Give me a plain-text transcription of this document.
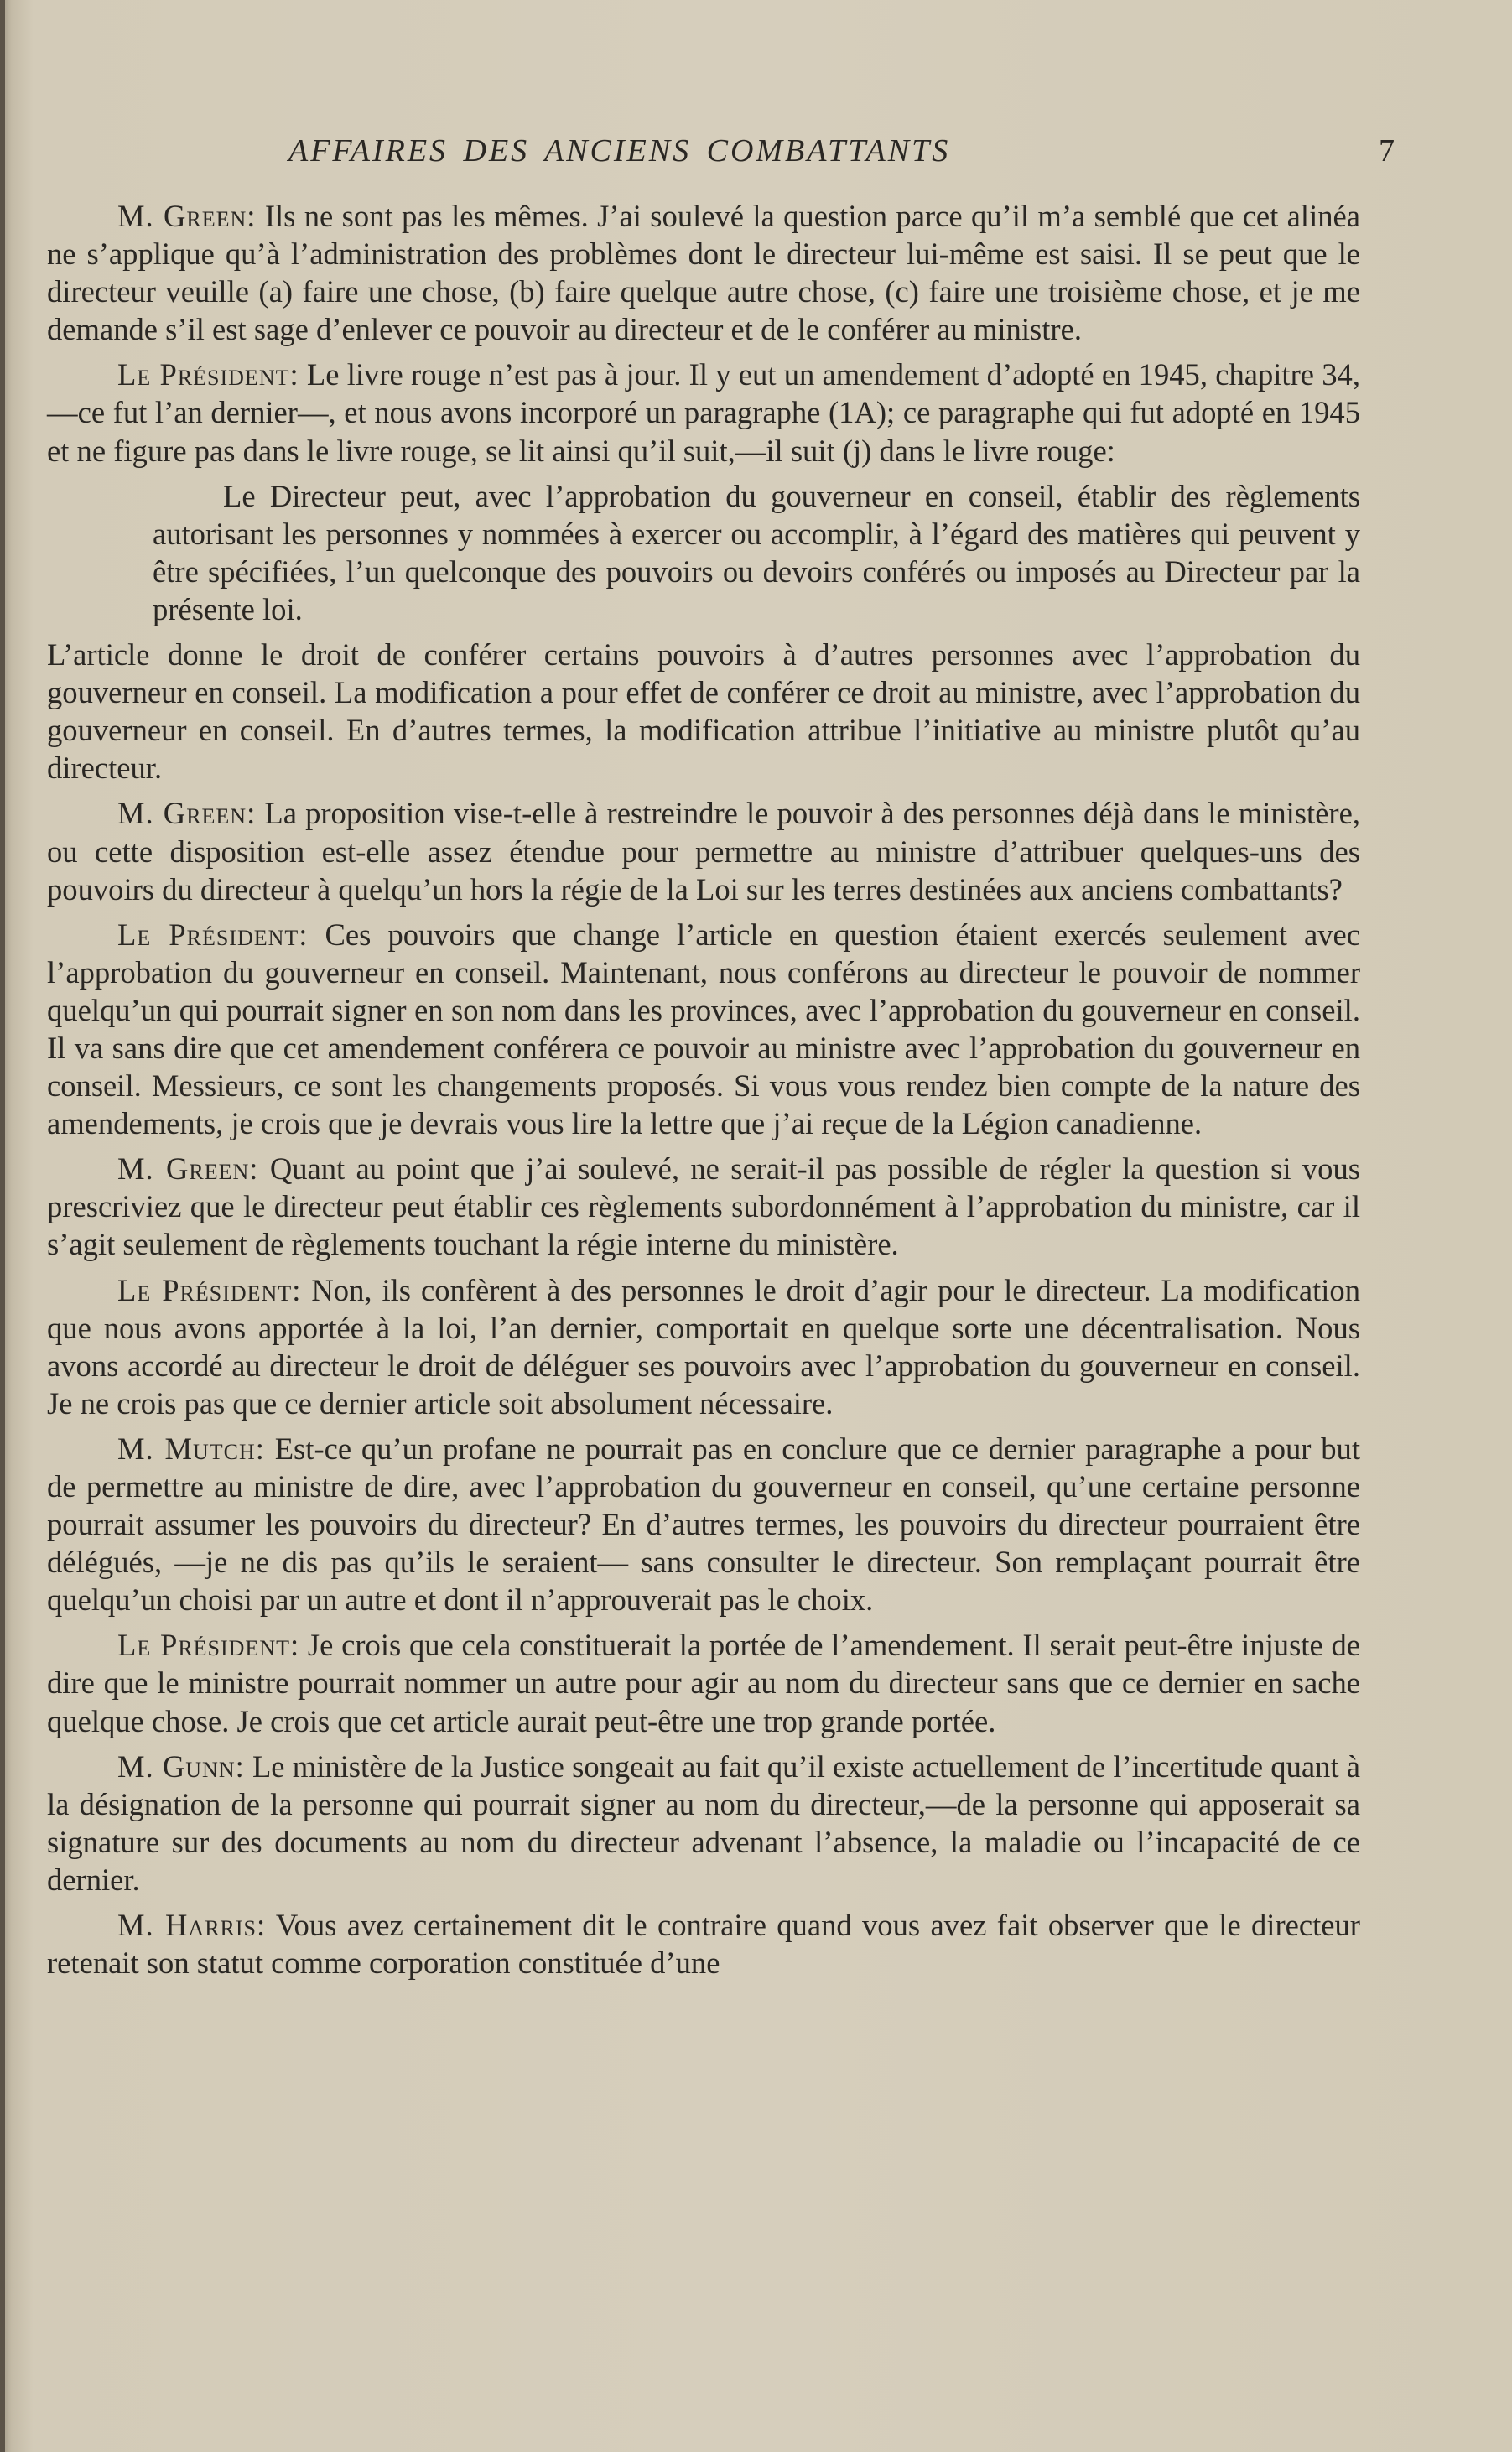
AFFAIRES DES ANCIENS COMBATTANTS	7

M. Green: Ils ne sont pas les mêmes. J’ai soulevé la question parce qu’il m’a semblé que cet alinéa ne s’applique qu’à l’administration des problèmes dont le directeur lui-même est saisi. Il se peut que le directeur veuille (a) faire une chose, (b) faire quelque autre chose, (c) faire une troisième chose, et je me demande s’il est sage d’enlever ce pouvoir au directeur et de le conférer au ministre.

Le Président: Le livre rouge n’est pas à jour. Il y eut un amendement d’adopté en 1945, chapitre 34,—ce fut l’an dernier—, et nous avons incorporé un paragraphe (1A); ce paragraphe qui fut adopté en 1945 et ne figure pas dans le livre rouge, se lit ainsi qu’il suit,—il suit (j) dans le livre rouge:

Le Directeur peut, avec l’approbation du gouverneur en conseil, établir des règlements autorisant les personnes y nommées à exercer ou accomplir, à l’égard des matières qui peuvent y être spécifiées, l’un quelconque des pouvoirs ou devoirs conférés ou imposés au Directeur par la présente loi.

L’article donne le droit de conférer certains pouvoirs à d’autres personnes avec l’approbation du gouverneur en conseil. La modification a pour effet de conférer ce droit au ministre, avec l’approbation du gouverneur en conseil. En d’autres termes, la modification attribue l’initiative au ministre plutôt qu’au directeur.

M. Green: La proposition vise-t-elle à restreindre le pouvoir à des personnes déjà dans le ministère, ou cette disposition est-elle assez étendue pour permettre au ministre d’attribuer quelques-uns des pouvoirs du directeur à quelqu’un hors la régie de la Loi sur les terres destinées aux anciens combattants?

Le Président: Ces pouvoirs que change l’article en question étaient exercés seulement avec l’approbation du gouverneur en conseil. Maintenant, nous conférons au directeur le pouvoir de nommer quelqu’un qui pourrait signer en son nom dans les provinces, avec l’approbation du gouverneur en conseil. Il va sans dire que cet amendement conférera ce pouvoir au ministre avec l’approbation du gouverneur en conseil. Messieurs, ce sont les changements proposés. Si vous vous rendez bien compte de la nature des amendements, je crois que je devrais vous lire la lettre que j’ai reçue de la Légion canadienne.

M. Green: Quant au point que j’ai soulevé, ne serait-il pas possible de régler la question si vous prescriviez que le directeur peut établir ces règlements subordonnément à l’approbation du ministre, car il s’agit seulement de règlements touchant la régie interne du ministère.

Le Président: Non, ils confèrent à des personnes le droit d’agir pour le directeur. La modification que nous avons apportée à la loi, l’an dernier, comportait en quelque sorte une décentralisation. Nous avons accordé au directeur le droit de déléguer ses pouvoirs avec l’approbation du gouverneur en conseil. Je ne crois pas que ce dernier article soit absolument nécessaire.

M. Mutch: Est-ce qu’un profane ne pourrait pas en conclure que ce dernier paragraphe a pour but de permettre au ministre de dire, avec l’approbation du gouverneur en conseil, qu’une certaine personne pourrait assumer les pouvoirs du directeur? En d’autres termes, les pouvoirs du directeur pourraient être délégués, —je ne dis pas qu’ils le seraient— sans consulter le directeur. Son remplaçant pourrait être quelqu’un choisi par un autre et dont il n’approuverait pas le choix.

Le Président: Je crois que cela constituerait la portée de l’amendement. Il serait peut-être injuste de dire que le ministre pourrait nommer un autre pour agir au nom du directeur sans que ce dernier en sache quelque chose. Je crois que cet article aurait peut-être une trop grande portée.

M. Gunn: Le ministère de la Justice songeait au fait qu’il existe actuellement de l’incertitude quant à la désignation de la personne qui pourrait signer au nom du directeur,—de la personne qui apposerait sa signature sur des documents au nom du directeur advenant l’absence, la maladie ou l’incapacité de ce dernier.

M. Harris: Vous avez certainement dit le contraire quand vous avez fait observer que le directeur retenait son statut comme corporation constituée d’une
